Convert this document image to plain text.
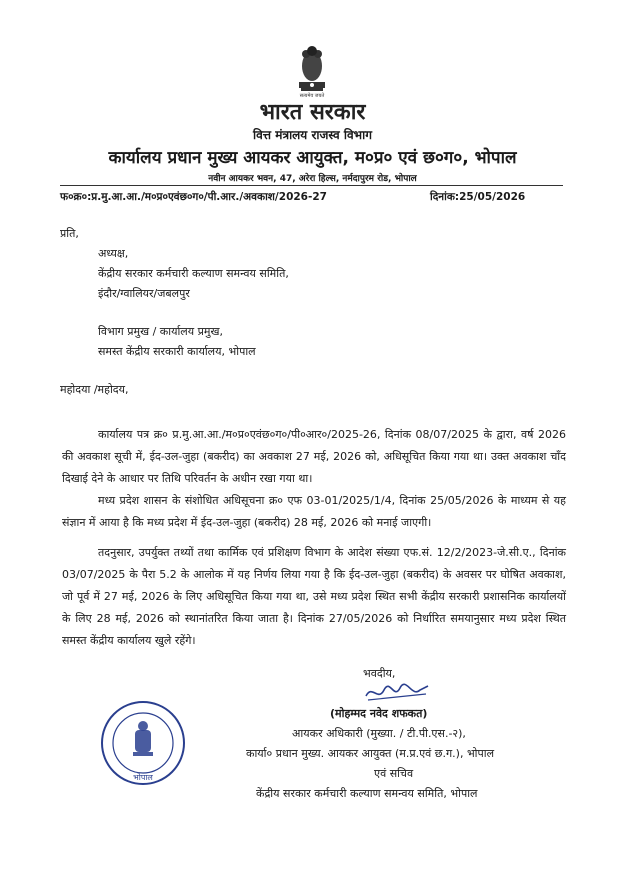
सत्यमेव जयते
भारत सरकार
वित्त मंत्रालय राजस्व विभाग
कार्यालय प्रधान मुख्य आयकर आयुक्त, म०प्र० एवं छ०ग०, भोपाल
नवीन आयकर भवन, 47, अरेरा हिल्स, नर्मदापुरम रोड, भोपाल
फ०क्र०:प्र.मु.आ.आ./म०प्र०एवंछ०ग०/पी.आर./अवकाश/2026-27	दिनांक:25/05/2026
प्रति,
अध्यक्ष,
केंद्रीय सरकार कर्मचारी कल्याण समन्वय समिति,
इंदौर/ग्वालियर/जबलपुर
विभाग प्रमुख / कार्यालय प्रमुख,
समस्त केंद्रीय सरकारी कार्यालय, भोपाल
महोदया /महोदय,
कार्यालय पत्र क्र० प्र.मु.आ.आ./म०प्र०एवंछ०ग०/पी०आर०/2025-26, दिनांक 08/07/2025 के द्वारा, वर्ष 2026 की अवकाश सूची में, ईद-उल-जुहा (बकरीद) का अवकाश 27 मई, 2026 को, अधिसूचित किया गया था। उक्त अवकाश चाँद दिखाई देने के आधार पर तिथि परिवर्तन के अधीन रखा गया था।
मध्य प्रदेश शासन के संशोधित अधिसूचना क्र० एफ 03-01/2025/1/4, दिनांक 25/05/2026 के माध्यम से यह संज्ञान में आया है कि मध्य प्रदेश में ईद-उल-जुहा (बकरीद) 28 मई, 2026 को मनाई जाएगी।
तदनुसार, उपर्युक्त तथ्यों तथा कार्मिक एवं प्रशिक्षण विभाग के आदेश संख्या एफ.सं. 12/2/2023-जे.सी.ए., दिनांक 03/07/2025 के पैरा 5.2 के आलोक में यह निर्णय लिया गया है कि ईद-उल-जुहा (बकरीद) के अवसर पर घोषित अवकाश, जो पूर्व में 27 मई, 2026 के लिए अधिसूचित किया गया था, उसे मध्य प्रदेश स्थित सभी केंद्रीय सरकारी प्रशासनिक कार्यालयों के लिए 28 मई, 2026 को स्थानांतरित किया जाता है। दिनांक 27/05/2026 को निर्धारित समयानुसार मध्य प्रदेश स्थित समस्त केंद्रीय कार्यालय खुले रहेंगे।
भवदीय,
(मोहम्मद नवेद शफकत)
आयकर अधिकारी (मुख्या. / टी.पी.एस.-२),
कार्या० प्रधान मुख्य. आयकर आयुक्त (म.प्र.एवं छ.ग.), भोपाल
एवं सचिव
केंद्रीय सरकार कर्मचारी कल्याण समन्वय समिति, भोपाल
भोपाल
